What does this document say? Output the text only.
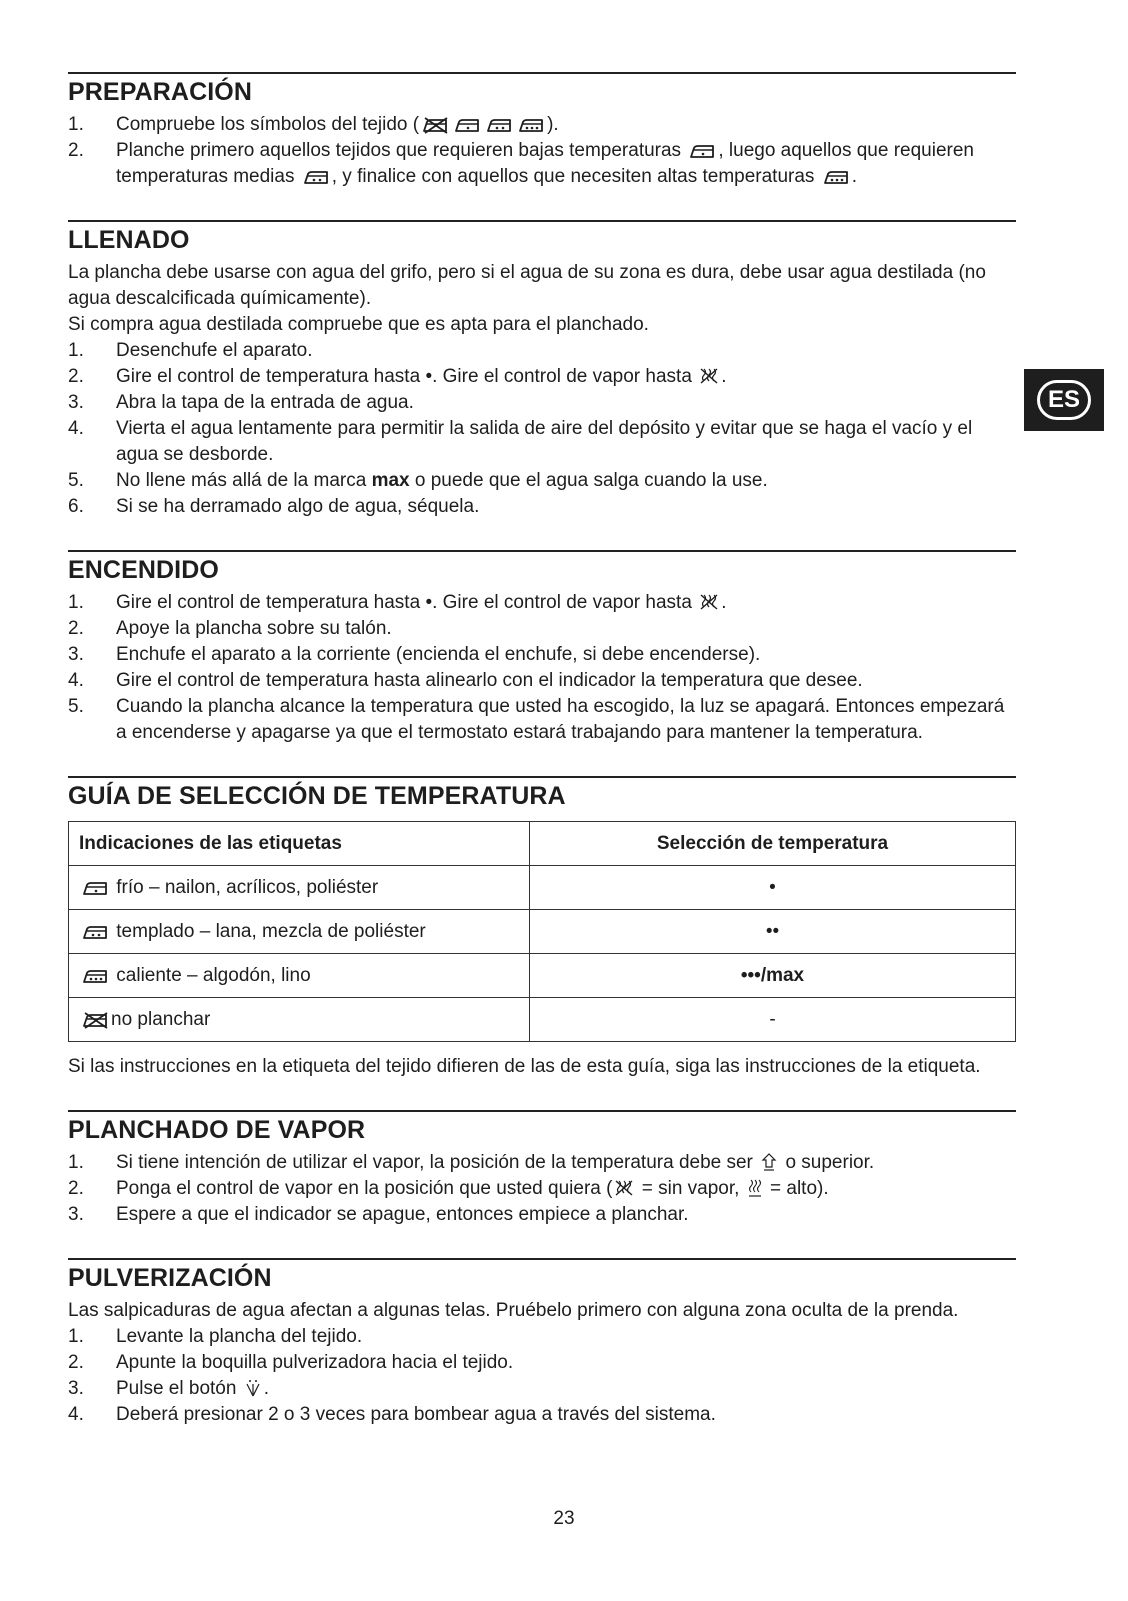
ES
PREPARACIÓN
1. Compruebe los símbolos del tejido (	).
2. Planche primero aquellos tejidos que requieren bajas temperaturas , luego aquellos que requieren temperaturas medias , y finalice con aquellos que necesiten altas temperaturas .
LLENADO

La plancha debe usarse con agua del grifo, pero si el agua de su zona es dura, debe usar agua destilada (no agua descalcificada químicamente).

Si compra agua destilada compruebe que es apta para el planchado.

1. Desenchufe el aparato.
2. Gire el control de temperatura hasta •. Gire el control de vapor hasta .
3. Abra la tapa de la entrada de agua.
4. Vierta el agua lentamente para permitir la salida de aire del depósito y evitar que se haga el vacío y el agua se desborde.
5. No llene más allá de la marca max o puede que el agua salga cuando la use.
6. Si se ha derramado algo de agua, séquela.
ENCENDIDO
1. Gire el control de temperatura hasta •. Gire el control de vapor hasta .
2. Apoye la plancha sobre su talón.
3. Enchufe el aparato a la corriente (encienda el enchufe, si debe encenderse).
4. Gire el control de temperatura hasta alinearlo con el indicador la temperatura que desee.
5. Cuando la plancha alcance la temperatura que usted ha escogido, la luz se apagará. Entonces empezará a encenderse y apagarse ya que el termostato estará trabajando para mantener la temperatura.
GUÍA DE SELECCIÓN DE TEMPERATURA
Indicaciones de las etiquetas	Selección de temperatura
frío – nailon, acrílicos, poliéster	•
templado – lana, mezcla de poliéster	••
caliente – algodón, lino	•••/max
no planchar	-

Si las instrucciones en la etiqueta del tejido difieren de las de esta guía, siga las instrucciones de la etiqueta.

PLANCHADO DE VAPOR
1. Si tiene intención de utilizar el vapor, la posición de la temperatura debe ser  o superior.
2. Ponga el control de vapor en la posición que usted quiera ( = sin vapor,  = alto).
3. Espere a que el indicador se apague, entonces empiece a planchar.
PULVERIZACIÓN

Las salpicaduras de agua afectan a algunas telas. Pruébelo primero con alguna zona oculta de la prenda.

1. Levante la plancha del tejido.
2. Apunte la boquilla pulverizadora hacia el tejido.
3. Pulse el botón .
4. Deberá presionar 2 o 3 veces para bombear agua a través del sistema.
23
